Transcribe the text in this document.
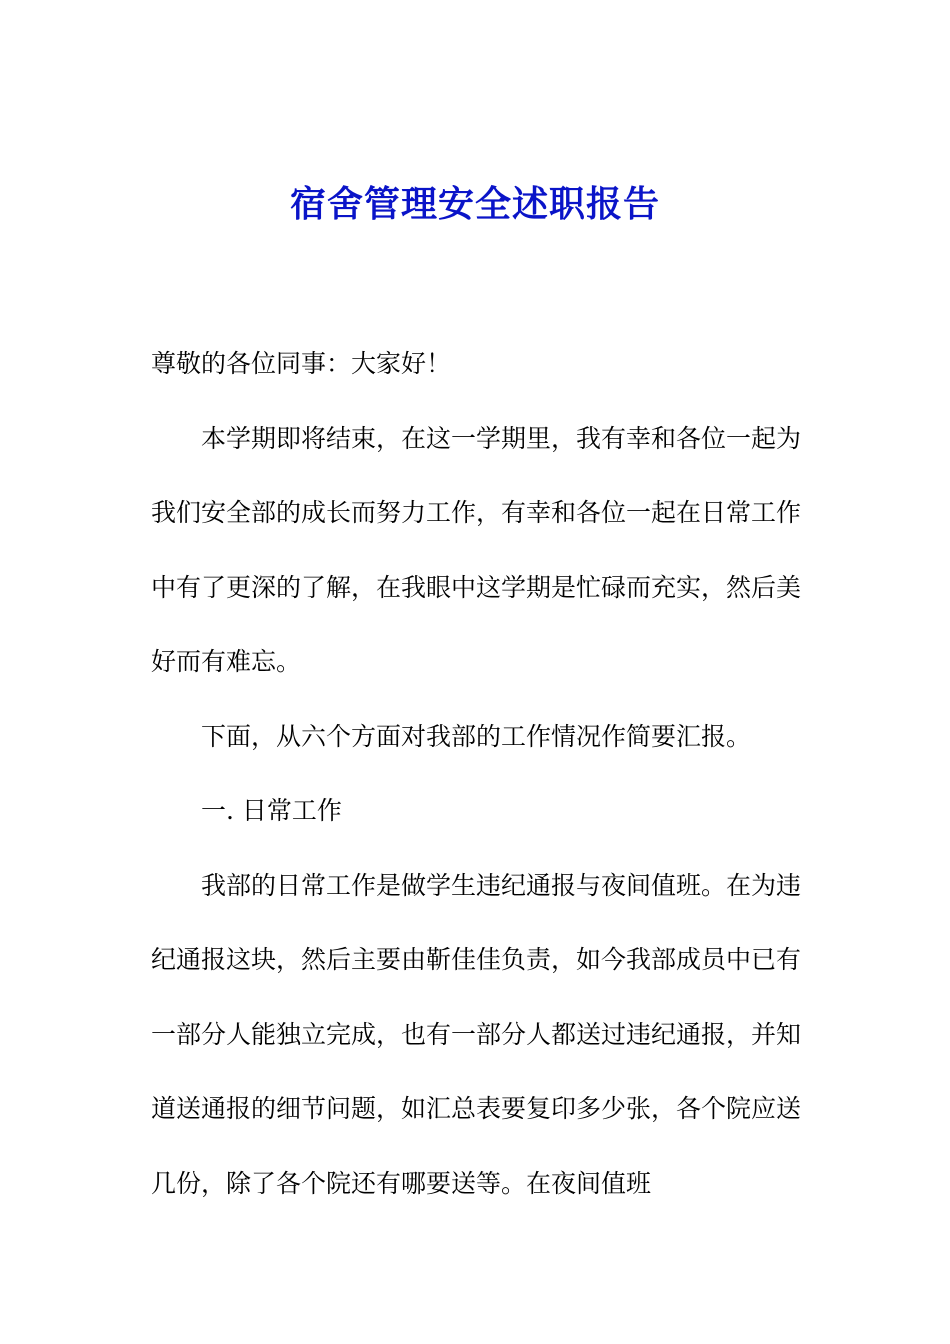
宿舍管理安全述职报告

尊敬的各位同事：大家好！

本学期即将结束，在这一学期里，我有幸和各位一起为我们安全部的成长而努力工作，有幸和各位一起在日常工作中有了更深的了解，在我眼中这学期是忙碌而充实，然后美好而有难忘。

下面，从六个方面对我部的工作情况作简要汇报。

一. 日常工作

我部的日常工作是做学生违纪通报与夜间值班。在为违纪通报这块，然后主要由靳佳佳负责，如今我部成员中已有一部分人能独立完成，也有一部分人都送过违纪通报，并知道送通报的细节问题，如汇总表要复印多少张，各个院应送几份，除了各个院还有哪要送等。在夜间值班
